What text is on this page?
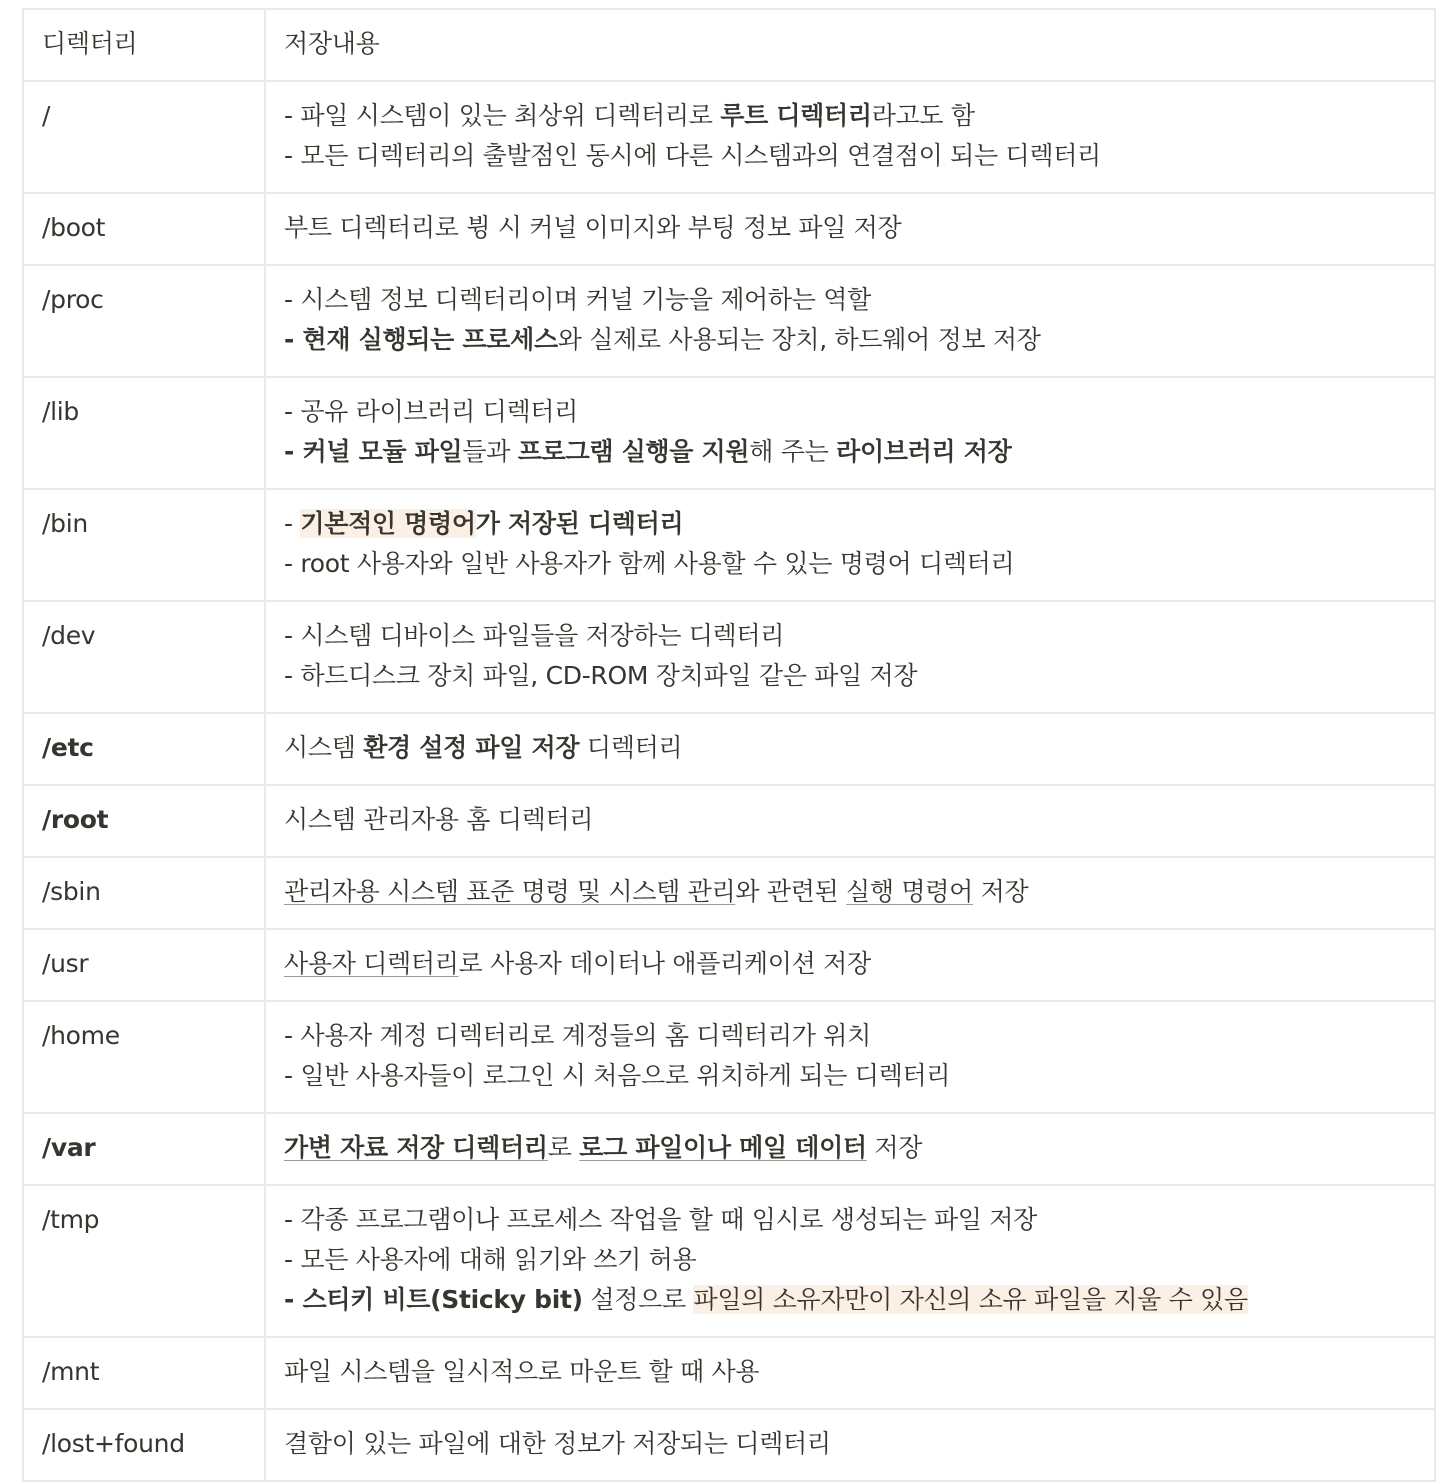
디렉터리	저장내용
/	- 파일 시스템이 있는 최상위 디렉터리로 루트 디렉터리라고도 함
- 모든 디렉터리의 출발점인 동시에 다른 시스템과의 연결점이 되는 디렉터리

/boot	부트 디렉터리로 뷩 시 커널 이미지와 부팅 정보 파일 저장

/proc	- 시스템 정보 디렉터리이며 커널 기능을 제어하는 역할
- 현재 실행되는 프로세스와 실제로 사용되는 장치, 하드웨어 정보 저장

/lib	- 공유 라이브러리 디렉터리
- 커널 모듈 파일들과 프로그램 실행을 지원해 주는 라이브러리 저장

/bin	- 기본적인 명령어가 저장된 디렉터리
- root 사용자와 일반 사용자가 함께 사용할 수 있는 명령어 디렉터리

/dev	- 시스템 디바이스 파일들을 저장하는 디렉터리
- 하드디스크 장치 파일, CD-ROM 장치파일 같은 파일 저장

/etc	시스템 환경 설정 파일 저장 디렉터리

/root	시스템 관리자용 홈 디렉터리

/sbin	관리자용 시스템 표준 명령 및 시스템 관리와 관련된 실행 명령어 저장

/usr	사용자 디렉터리로 사용자 데이터나 애플리케이션 저장

/home	- 사용자 계정 디렉터리로 계정들의 홈 디렉터리가 위치
- 일반 사용자들이 로그인 시 처음으로 위치하게 되는 디렉터리

/var	가변 자료 저장 디렉터리로 로그 파일이나 메일 데이터 저장

/tmp	- 각종 프로그램이나 프로세스 작업을 할 때 임시로 생성되는 파일 저장
- 모든 사용자에 대해 읽기와 쓰기 허용
- 스티키 비트(Sticky bit) 설정으로 파일의 소유자만이 자신의 소유 파일을 지울 수 있음

/mnt	파일 시스템을 일시적으로 마운트 할 때 사용

/lost+found	결함이 있는 파일에 대한 정보가 저장되는 디렉터리
